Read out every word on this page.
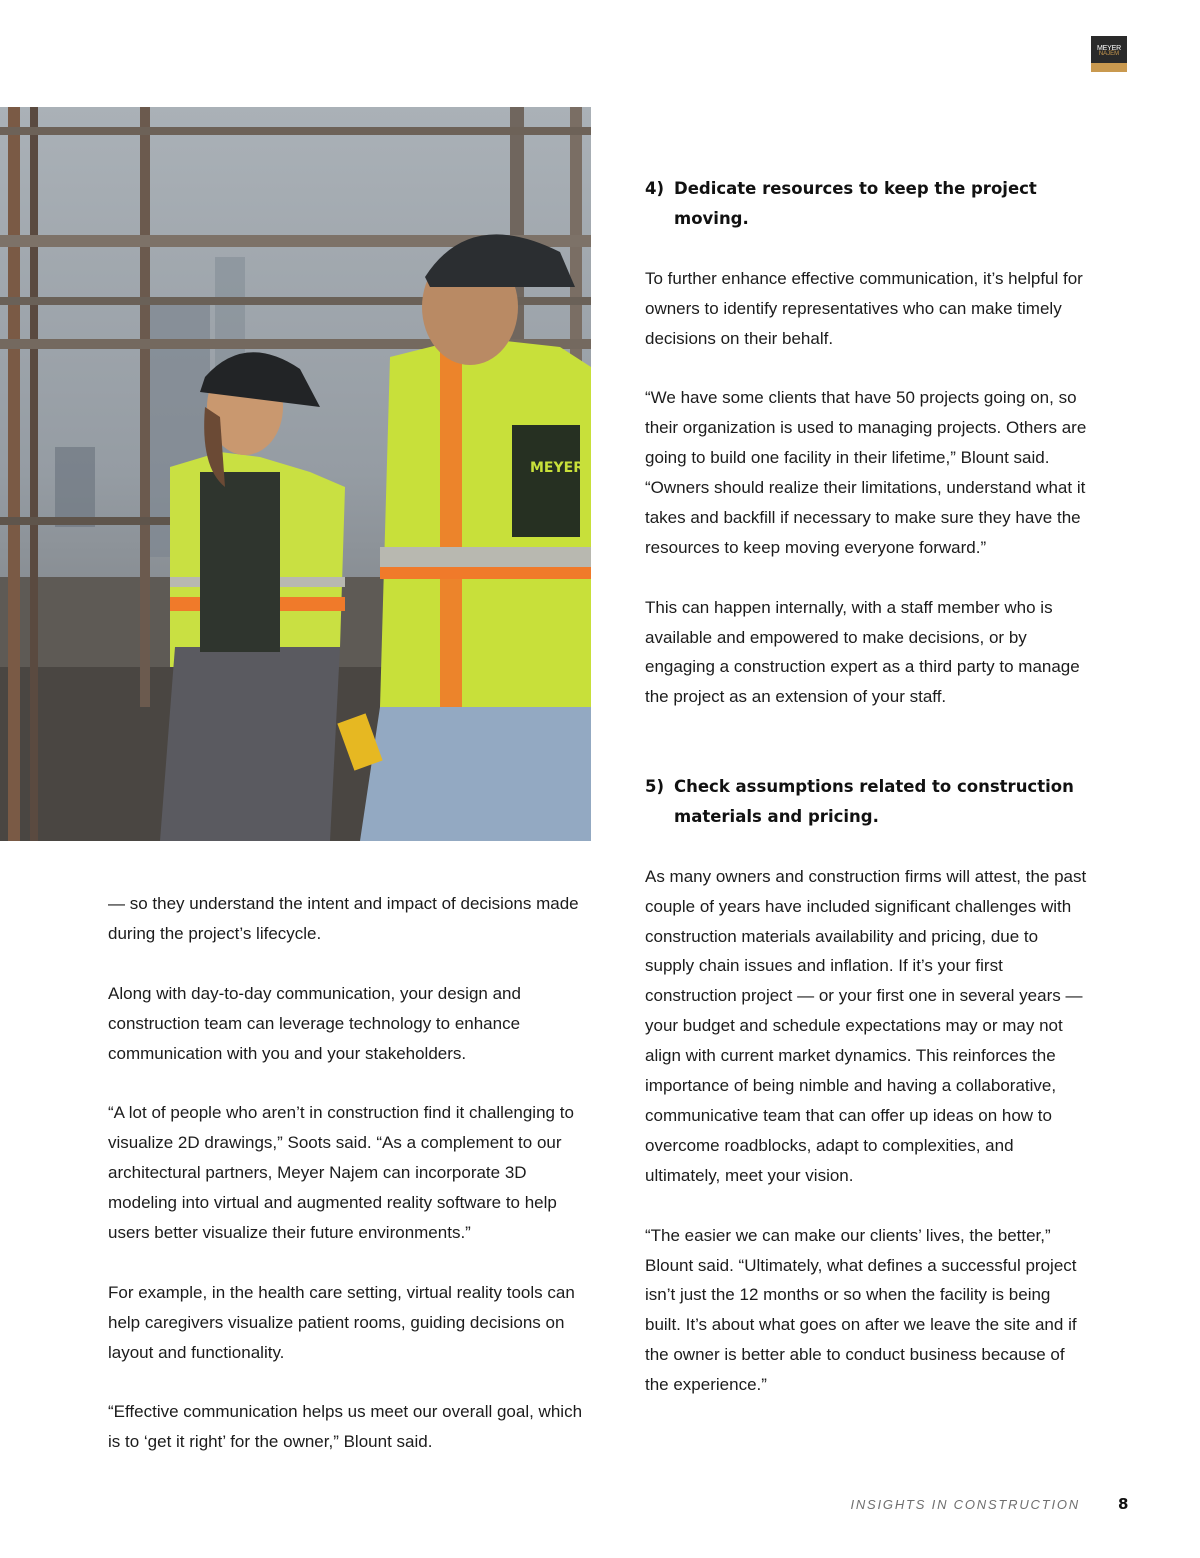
MEYER
NAJEM
MEYER

— so they understand the intent and impact of decisions made during the project’s lifecycle.

Along with day-to-day communication, your design and construction team can leverage technology to enhance communication with you and your stakeholders.

“A lot of people who aren’t in construction find it challenging to visualize 2D drawings,” Soots said. “As a complement to our architectural partners, Meyer Najem can incorporate 3D modeling into virtual and augmented reality software to help users better visualize their future environments.”

For example, in the health care setting, virtual reality tools can help caregivers visualize patient rooms, guiding decisions on layout and functionality.

“Effective communication helps us meet our overall goal, which is to ‘get it right’ for the owner,” Blount said.

4) Dedicate resources to keep the project moving.

To further enhance effective communication, it’s helpful for owners to identify representatives who can make timely decisions on their behalf.

“We have some clients that have 50 projects going on, so their organization is used to managing projects. Others are going to build one facility in their lifetime,” Blount said. “Owners should realize their limitations, understand what it takes and backfill if necessary to make sure they have the resources to keep moving everyone forward.”

This can happen internally, with a staff member who is available and empowered to make decisions, or by engaging a construction expert as a third party to manage the project as an extension of your staff.

5) Check assumptions related to construction materials and pricing.

As many owners and construction firms will attest, the past couple of years have included significant challenges with construction materials availability and pricing, due to supply chain issues and inflation. If it’s your first construction project — or your first one in several years — your budget and schedule expectations may or may not align with current market dynamics. This reinforces the importance of being nimble and having a collaborative, communicative team that can offer up ideas on how to overcome roadblocks, adapt to complexities, and ultimately, meet your vision.

“The easier we can make our clients’ lives, the better,” Blount said. “Ultimately, what defines a successful project isn’t just the 12 months or so when the facility is being built. It’s about what goes on after we leave the site and if the owner is better able to conduct business because of the experience.”

INSIGHTS IN CONSTRUCTION	8
